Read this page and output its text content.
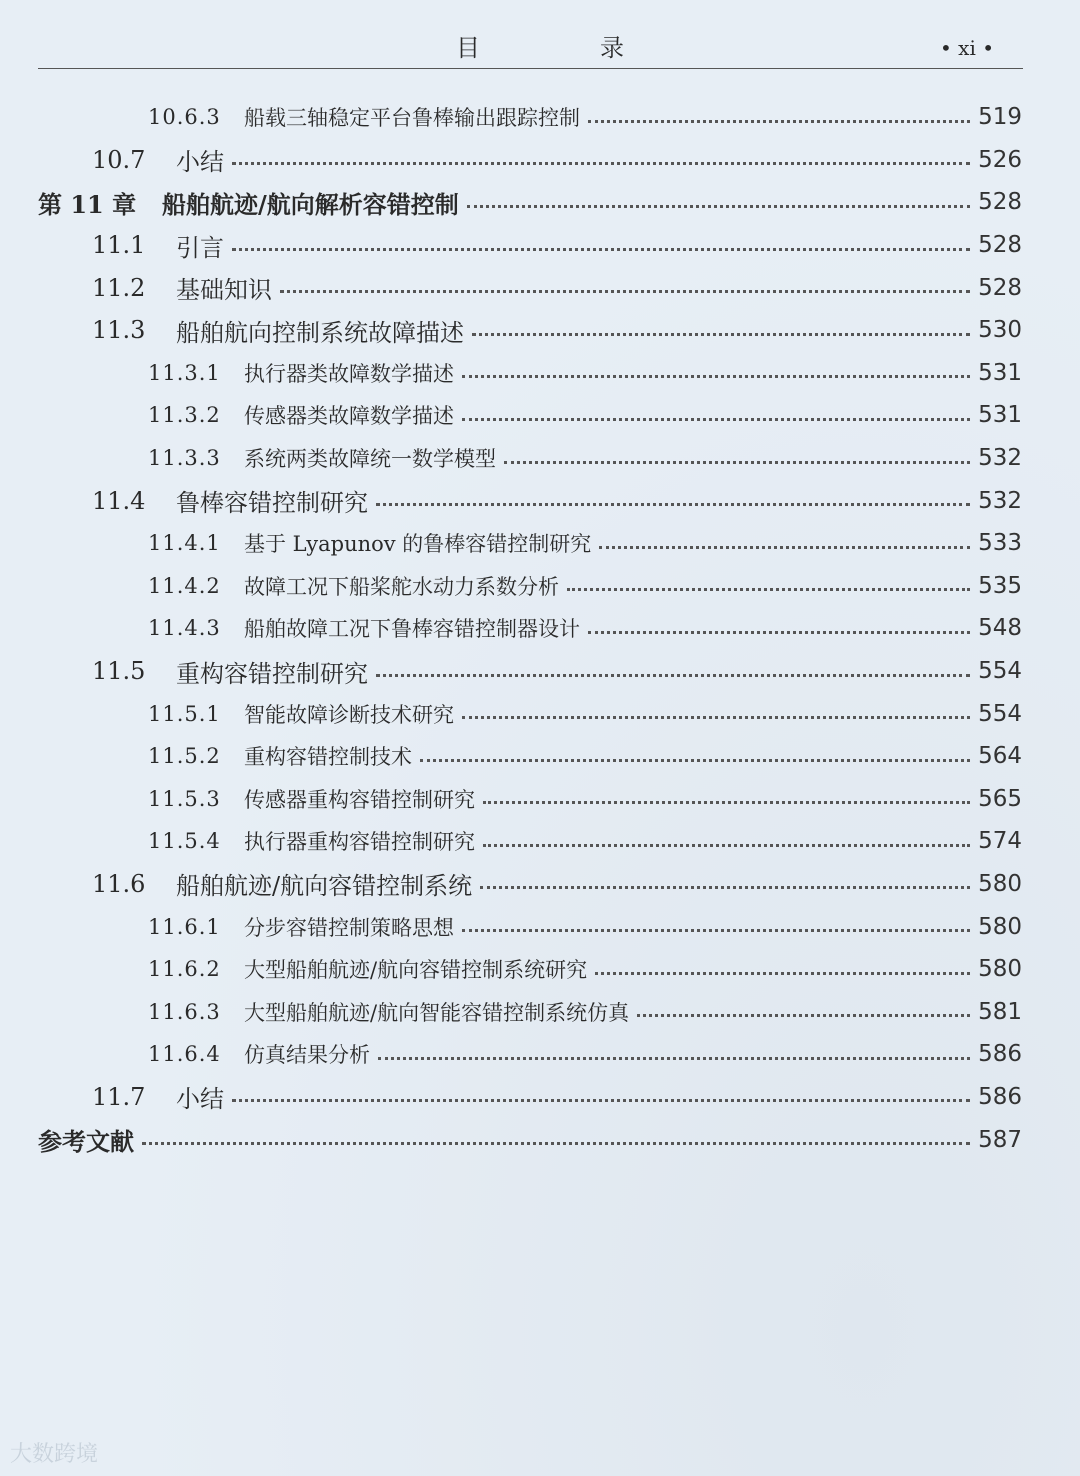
目　录	• xi •
10.6.3	船载三轴稳定平台鲁棒输出跟踪控制	519
10.7	小结	526
第 11 章	船舶航迹/航向解析容错控制	528
11.1	引言	528
11.2	基础知识	528
11.3	船舶航向控制系统故障描述	530
11.3.1	执行器类故障数学描述	531
11.3.2	传感器类故障数学描述	531
11.3.3	系统两类故障统一数学模型	532
11.4	鲁棒容错控制研究	532
11.4.1	基于 Lyapunov 的鲁棒容错控制研究	533
11.4.2	故障工况下船桨舵水动力系数分析	535
11.4.3	船舶故障工况下鲁棒容错控制器设计	548
11.5	重构容错控制研究	554
11.5.1	智能故障诊断技术研究	554
11.5.2	重构容错控制技术	564
11.5.3	传感器重构容错控制研究	565
11.5.4	执行器重构容错控制研究	574
11.6	船舶航迹/航向容错控制系统	580
11.6.1	分步容错控制策略思想	580
11.6.2	大型船舶航迹/航向容错控制系统研究	580
11.6.3	大型船舶航迹/航向智能容错控制系统仿真	581
11.6.4	仿真结果分析	586
11.7	小结	586
参考文献	587
大数跨境
